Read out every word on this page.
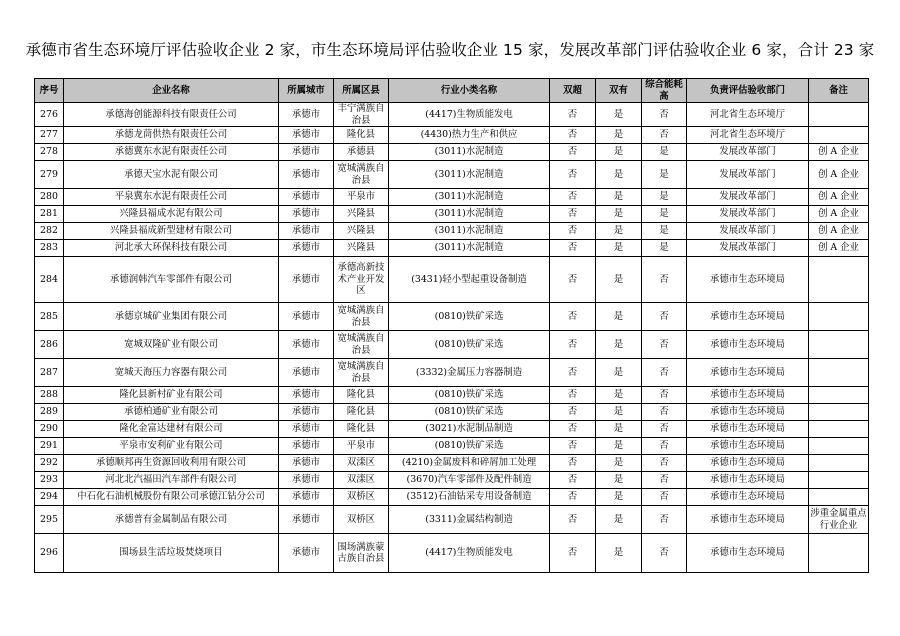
承德市省生态环境厅评估验收企业 2 家，市生态环境局评估验收企业 15 家，发展改革部门评估验收企业 6 家，合计 23 家
序号	企业名称	所属城市	所属区县	行业小类名称	双超	双有	综合能耗高	负责评估验收部门	备注
276	承德海创能源科技有限责任公司	承德市	丰宁满族自治县	(4417)生物质能发电	否	是	否	河北省生态环境厅	
277	承德龙茼供热有限责任公司	承德市	隆化县	(4430)热力生产和供应	否	是	否	河北省生态环境厅	
278	承德冀东水泥有限责任公司	承德市	承德县	(3011)水泥制造	否	是	是	发展改革部门	创 A 企业
279	承德天宝水泥有限公司	承德市	宽城满族自治县	(3011)水泥制造	否	是	是	发展改革部门	创 A 企业
280	平泉冀东水泥有限责任公司	承德市	平泉市	(3011)水泥制造	否	是	是	发展改革部门	创 A 企业
281	兴隆县福成水泥有限公司	承德市	兴隆县	(3011)水泥制造	否	是	是	发展改革部门	创 A 企业
282	兴隆县福成新型建材有限公司	承德市	兴隆县	(3011)水泥制造	否	是	是	发展改革部门	创 A 企业
283	河北承大环保科技有限公司	承德市	兴隆县	(3011)水泥制造	否	是	是	发展改革部门	创 A 企业
284	承德润韩汽车零部件有限公司	承德市	承德高新技术产业开发区	(3431)轻小型起重设备制造	否	是	否	承德市生态环境局	
285	承德京城矿业集团有限公司	承德市	宽城满族自治县	(0810)铁矿采选	否	是	否	承德市生态环境局	
286	宽城双隆矿业有限公司	承德市	宽城满族自治县	(0810)铁矿采选	否	是	否	承德市生态环境局	
287	宽城天海压力容器有限公司	承德市	宽城满族自治县	(3332)金属压力容器制造	否	是	否	承德市生态环境局	
288	隆化县新村矿业有限公司	承德市	隆化县	(0810)铁矿采选	否	是	否	承德市生态环境局	
289	承德柏通矿业有限公司	承德市	隆化县	(0810)铁矿采选	否	是	否	承德市生态环境局	
290	隆化金富达建材有限公司	承德市	隆化县	(3021)水泥制品制造	否	是	否	承德市生态环境局	
291	平泉市安利矿业有限公司	承德市	平泉市	(0810)铁矿采选	否	是	否	承德市生态环境局	
292	承德顺邦再生资源回收利用有限公司	承德市	双滦区	(4210)金属废料和碎屑加工处理	否	是	否	承德市生态环境局	
293	河北北汽福田汽车部件有限公司	承德市	双滦区	(3670)汽车零部件及配件制造	否	是	否	承德市生态环境局	
294	中石化石油机械股份有限公司承德江钻分公司	承德市	双桥区	(3512)石油钻采专用设备制造	否	是	否	承德市生态环境局	
295	承德普有金属制品有限公司	承德市	双桥区	(3311)金属结构制造	否	是	否	承德市生态环境局	涉重金属重点行业企业
296	围场县生活垃圾焚烧项目	承德市	围场满族蒙古族自治县	(4417)生物质能发电	否	是	否	承德市生态环境局	
